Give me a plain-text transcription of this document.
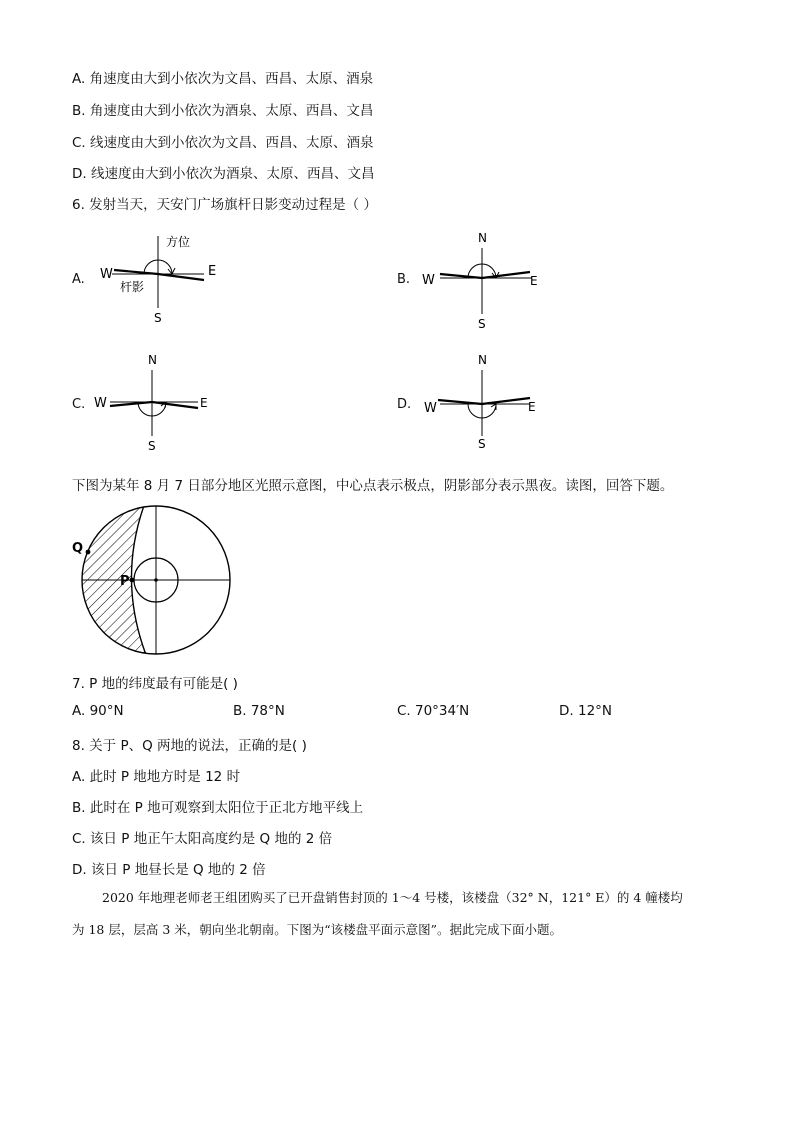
A. 角速度由大到小依次为文昌、西昌、太原、酒泉
B. 角速度由大到小依次为酒泉、太原、西昌、文昌
C. 线速度由大到小依次为文昌、西昌、太原、酒泉
D. 线速度由大到小依次为酒泉、太原、西昌、文昌
6. 发射当天，天安门广场旗杆日影变动过程是（ ）
A.	B.
C.	D.
W	E
S
方位
杆影
N
W	E
S
N
W	E
S
N
W	E
S
下图为某年 8 月 7 日部分地区光照示意图，中心点表示极点，阴影部分表示黑夜。读图，回答下题。
Q
P
7. P 地的纬度最有可能是( )
A. 90°N	B. 78°N	C. 70°34′N	D. 12°N
8. 关于 P、Q 两地的说法，正确的是( )
A. 此时 P 地地方时是 12 时
B. 此时在 P 地可观察到太阳位于正北方地平线上
C. 该日 P 地正午太阳高度约是 Q 地的 2 倍
D. 该日 P 地昼长是 Q 地的 2 倍
2020 年地理老师老王组团购买了已开盘销售封顶的 1～4 号楼，该楼盘（32° N，121° E）的 4 幢楼均
为 18 层，层高 3 米，朝向坐北朝南。下图为“该楼盘平面示意图”。据此完成下面小题。
